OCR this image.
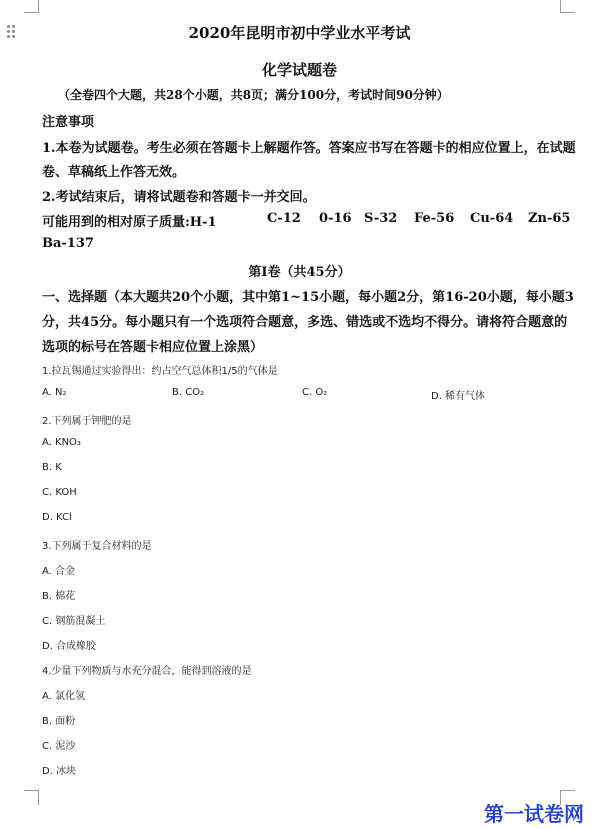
2020年昆明市初中学业水平考试
化学试题卷
（全卷四个大题，共28个小题，共8页；满分100分，考试时间90分钟）
注意事项
1.本卷为试题卷。考生必须在答题卡上解题作答。答案应书写在答题卡的相应位置上，在试题
卷、草稿纸上作答无效。
2.考试结束后，请将试题卷和答题卡一并交回。
可能用到的相对原子质量:H-1	C-12 0-16 S-32 Fe-56 Cu-64 Zn-65
Ba-137
第Ⅰ卷（共45分）
一、选择题（本大题共20个小题，其中第1~15小题，每小题2分，第16-20小题，每小题3
分，共45分。每小题只有一个选项符合题意，多选、错选或不选均不得分。请将符合题意的
选项的标号在答题卡相应位置上涂黑）
1.拉瓦锡通过实验得出：约占空气总体积1/5的气体是
A. N₂	B. CO₂	C. O₂	D. 稀有气体
2.下列属于钾肥的是
A. KNO₃
B. K
C. KOH
D. KCl
3.下列属于复合材料的是
A. 合金
B. 棉花
C. 钢筋混凝土
D. 合成橡胶
4.少量下列物质与水充分混合，能得到溶液的是
A. 氯化氢
B. 面粉
C. 泥沙
D. 冰块
第一试卷网
